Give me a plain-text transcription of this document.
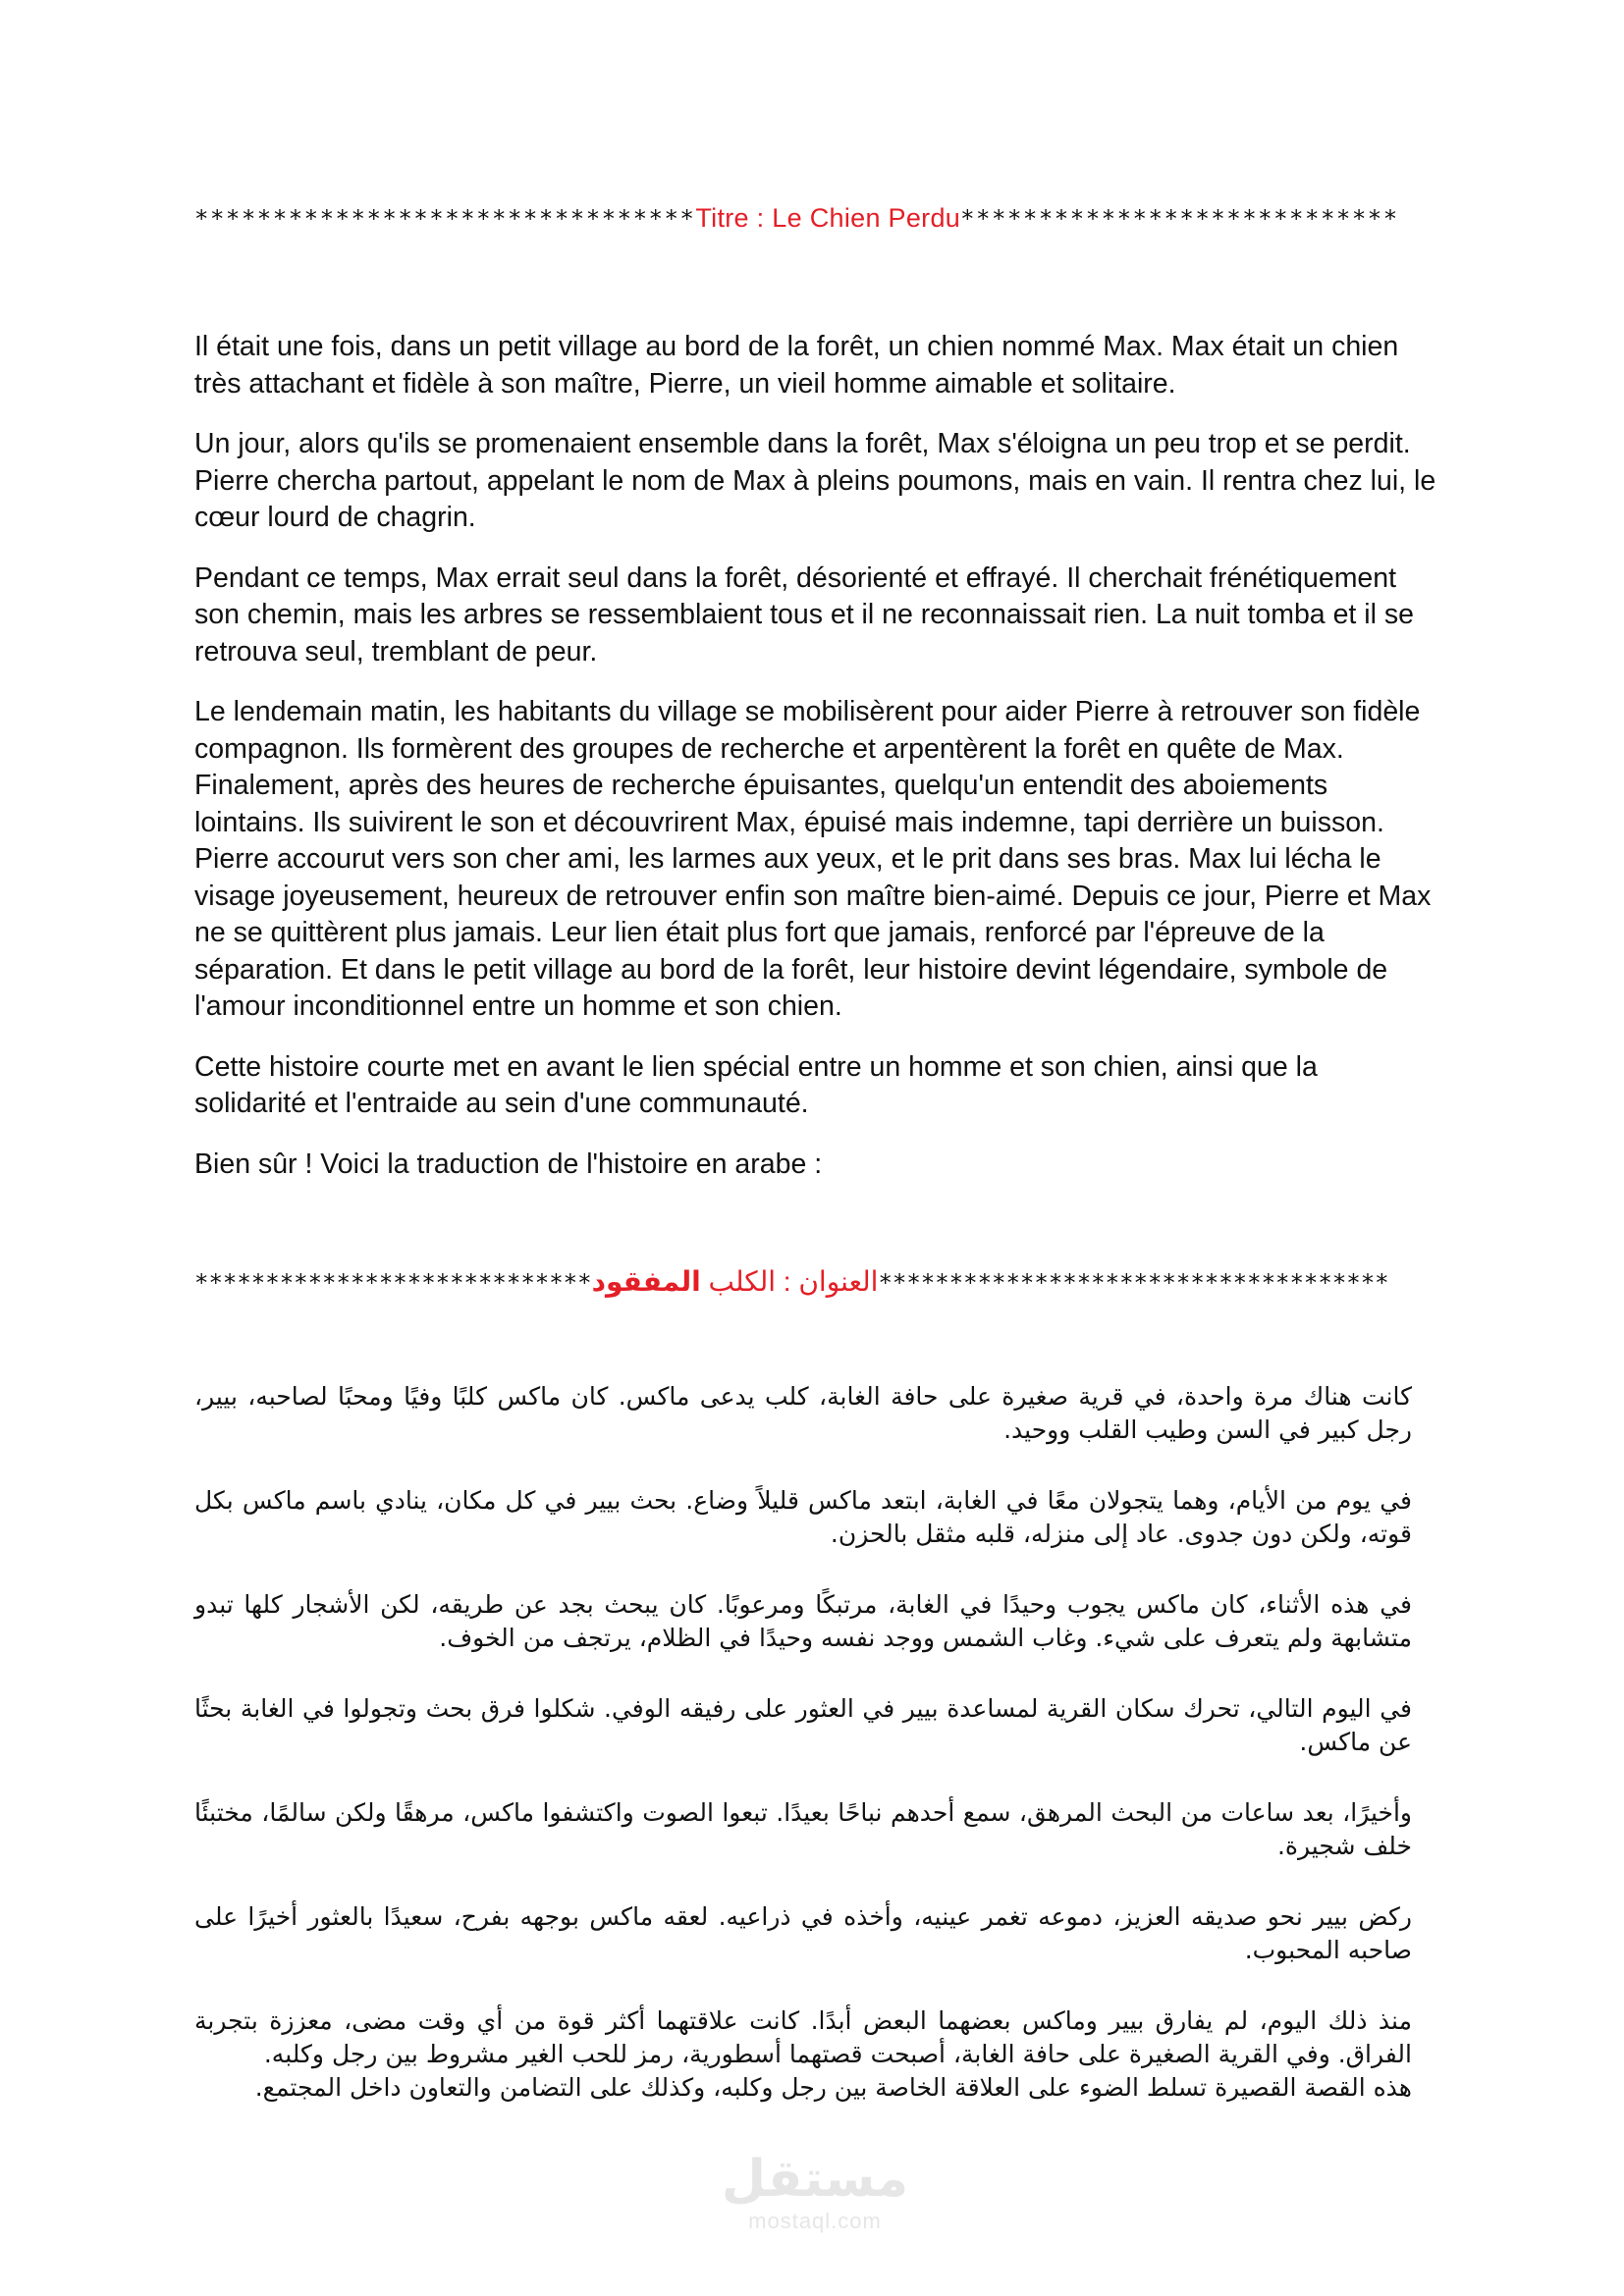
********************************Titre : Le Chien Perdu****************************

Il était une fois, dans un petit village au bord de la forêt, un chien nommé Max. Max était un chien très attachant et fidèle à son maître, Pierre, un vieil homme aimable et solitaire.

Un jour, alors qu'ils se promenaient ensemble dans la forêt, Max s'éloigna un peu trop et se perdit. Pierre chercha partout, appelant le nom de Max à pleins poumons, mais en vain. Il rentra chez lui, le cœur lourd de chagrin.

Pendant ce temps, Max errait seul dans la forêt, désorienté et effrayé. Il cherchait frénétiquement son chemin, mais les arbres se ressemblaient tous et il ne reconnaissait rien. La nuit tomba et il se retrouva seul, tremblant de peur.

Le lendemain matin, les habitants du village se mobilisèrent pour aider Pierre à retrouver son fidèle compagnon. Ils formèrent des groupes de recherche et arpentèrent la forêt en quête de Max. Finalement, après des heures de recherche épuisantes, quelqu'un entendit des aboiements lointains. Ils suivirent le son et découvrirent Max, épuisé mais indemne, tapi derrière un buisson. Pierre accourut vers son cher ami, les larmes aux yeux, et le prit dans ses bras. Max lui lécha le visage joyeusement, heureux de retrouver enfin son maître bien-aimé. Depuis ce jour, Pierre et Max ne se quittèrent plus jamais. Leur lien était plus fort que jamais, renforcé par l'épreuve de la séparation. Et dans le petit village au bord de la forêt, leur histoire devint légendaire, symbole de l'amour inconditionnel entre un homme et son chien.

Cette histoire courte met en avant le lien spécial entre un homme et son chien, ainsi que la solidarité et l'entraide au sein d'une communauté.

Bien sûr ! Voici la traduction de l'histoire en arabe :

****************************	العنوان : الكلب المفقود	************************************

كانت هناك مرة واحدة، في قرية صغيرة على حافة الغابة، كلب يدعى ماكس. كان ماكس كلبًا وفيًا ومحبًا لصاحبه، بيير، رجل كبير في السن وطيب القلب ووحيد.

في يوم من الأيام، وهما يتجولان معًا في الغابة، ابتعد ماكس قليلاً وضاع. بحث بيير في كل مكان، ينادي باسم ماكس بكل قوته، ولكن دون جدوى. عاد إلى منزله، قلبه مثقل بالحزن.

في هذه الأثناء، كان ماكس يجوب وحيدًا في الغابة، مرتبكًا ومرعوبًا. كان يبحث بجد عن طريقه، لكن الأشجار كلها تبدو متشابهة ولم يتعرف على شيء. وغاب الشمس ووجد نفسه وحيدًا في الظلام، يرتجف من الخوف.

في اليوم التالي، تحرك سكان القرية لمساعدة بيير في العثور على رفيقه الوفي. شكلوا فرق بحث وتجولوا في الغابة بحثًا عن ماكس.

وأخيرًا، بعد ساعات من البحث المرهق، سمع أحدهم نباحًا بعيدًا. تبعوا الصوت واكتشفوا ماكس، مرهقًا ولكن سالمًا، مختبئًا خلف شجيرة.

ركض بيير نحو صديقه العزيز، دموعه تغمر عينيه، وأخذه في ذراعيه. لعقه ماكس بوجهه بفرح، سعيدًا بالعثور أخيرًا على صاحبه المحبوب.

منذ ذلك اليوم، لم يفارق بيير وماكس بعضهما البعض أبدًا. كانت علاقتهما أكثر قوة من أي وقت مضى، معززة بتجربة الفراق. وفي القرية الصغيرة على حافة الغابة، أصبحت قصتهما أسطورية، رمز للحب الغير مشروط بين رجل وكلبه.

هذه القصة القصيرة تسلط الضوء على العلاقة الخاصة بين رجل وكلبه، وكذلك على التضامن والتعاون داخل المجتمع.

مستقل
mostaql.com
